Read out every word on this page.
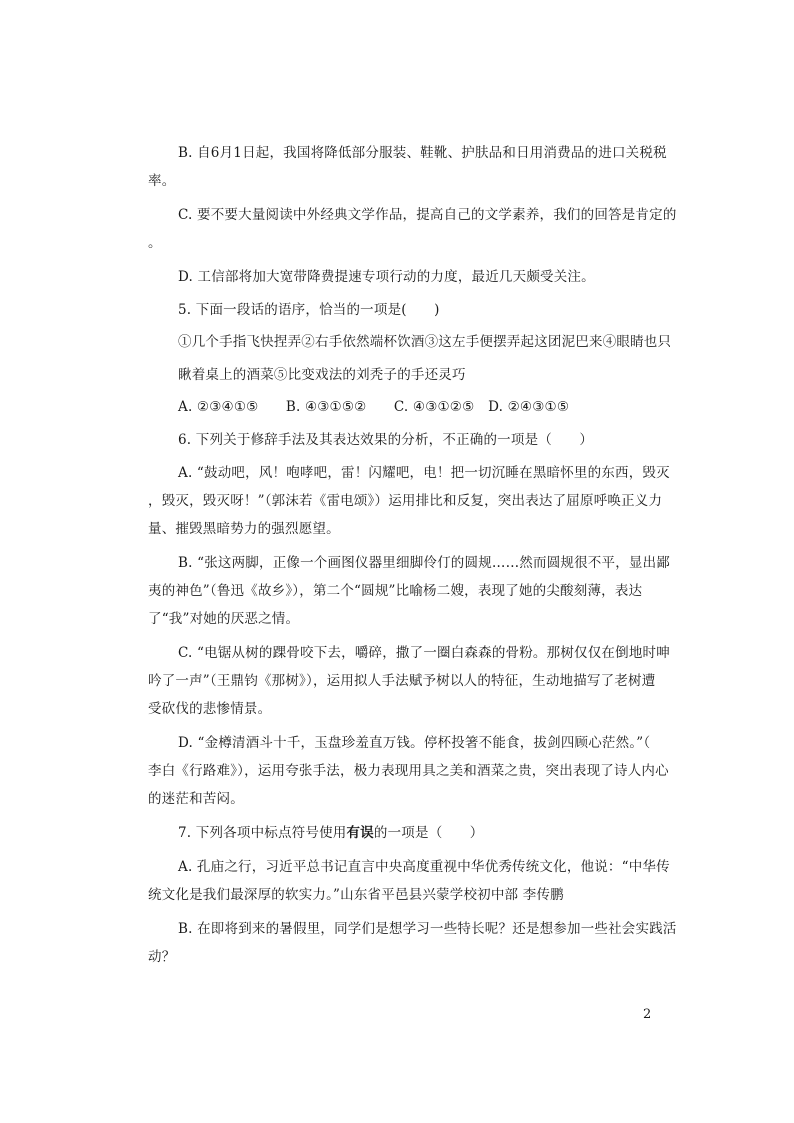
B. 自6月1日起，我国将降低部分服装、鞋靴、护肤品和日用消费品的进口关税税

率。

C. 要不要大量阅读中外经典文学作品，提高自己的文学素养，我们的回答是肯定的

。

D. 工信部将加大宽带降费提速专项行动的力度，最近几天颇受关注。

5. 下面一段话的语序，恰当的一项是(　　)

①几个手指飞快捏弄②右手依然端杯饮酒③这左手便摆弄起这团泥巴来④眼睛也只

瞅着桌上的酒菜⑤比变戏法的刘秃子的手还灵巧

A. ②③④①⑤　　B. ④③①⑤②　　C. ④③①②⑤　D. ②④③①⑤

6. 下列关于修辞手法及其表达效果的分析，不正确的一项是（　　）

A. “鼓动吧，风！咆哮吧，雷！闪耀吧，电！把一切沉睡在黑暗怀里的东西，毁灭

，毁灭，毁灭呀！”（郭沫若《雷电颂》）运用排比和反复，突出表达了屈原呼唤正义力

量、摧毁黑暗势力的强烈愿望。

B. “张这两脚，正像一个画图仪器里细脚伶仃的圆规……然而圆规很不平，显出鄙

夷的神色”（鲁迅《故乡》），第二个“圆规”比喻杨二嫂，表现了她的尖酸刻薄，表达

了“我”对她的厌恶之情。

C. “电锯从树的踝骨咬下去，嚼碎，撒了一圈白森森的骨粉。那树仅仅在倒地时呻

吟了一声”（王鼎钧《那树》），运用拟人手法赋予树以人的特征，生动地描写了老树遭

受砍伐的悲惨情景。

D. “金樽清酒斗十千，玉盘珍羞直万钱。停杯投箸不能食，拔剑四顾心茫然。”（

李白《行路难》），运用夸张手法，极力表现用具之美和酒菜之贵，突出表现了诗人内心

的迷茫和苦闷。

7. 下列各项中标点符号使用有误的一项是（　　）

A. 孔庙之行，习近平总书记直言中央高度重视中华优秀传统文化，他说：“中华传

统文化是我们最深厚的软实力。”山东省平邑县兴蒙学校初中部 李传鹏

B. 在即将到来的暑假里，同学们是想学习一些特长呢？还是想参加一些社会实践活

动？

2
